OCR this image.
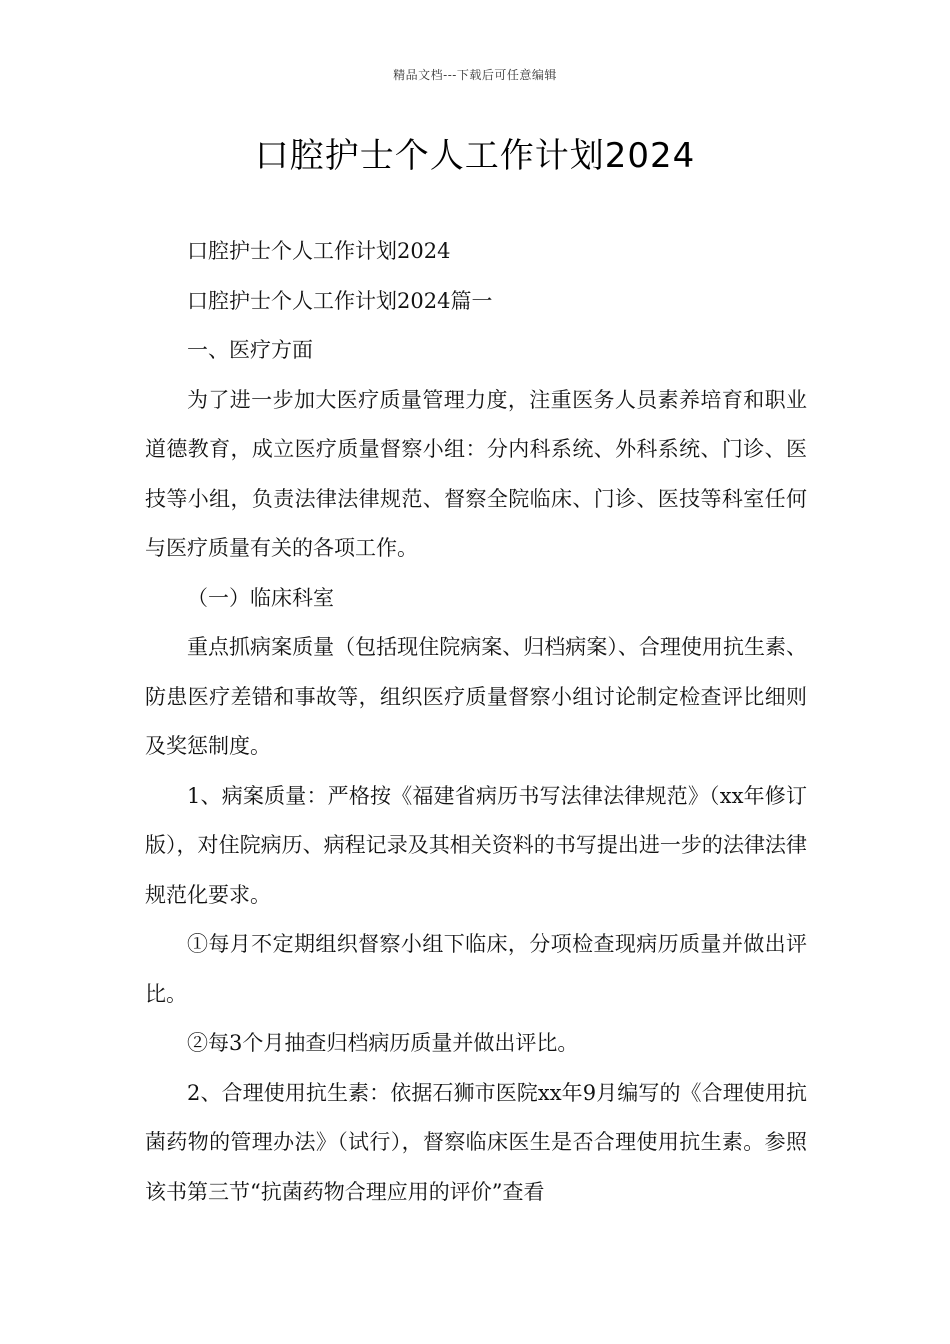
精品文档---下载后可任意编辑
口腔护士个人工作计划2024

口腔护士个人工作计划2024

口腔护士个人工作计划2024篇一

一、医疗方面

为了进一步加大医疗质量管理力度，注重医务人员素养培育和职业道德教育，成立医疗质量督察小组：分内科系统、外科系统、门诊、医技等小组，负责法律法律规范、督察全院临床、门诊、医技等科室任何与医疗质量有关的各项工作。

（一）临床科室

重点抓病案质量（包括现住院病案、归档病案）、合理使用抗生素、防患医疗差错和事故等，组织医疗质量督察小组讨论制定检查评比细则及奖惩制度。

1、病案质量：严格按《福建省病历书写法律法律规范》（xx年修订版），对住院病历、病程记录及其相关资料的书写提出进一步的法律法律规范化要求。

①每月不定期组织督察小组下临床，分项检查现病历质量并做出评比。

②每3个月抽查归档病历质量并做出评比。

2、合理使用抗生素：依据石狮市医院xx年9月编写的《合理使用抗菌药物的管理办法》（试行），督察临床医生是否合理使用抗生素。参照该书第三节“抗菌药物合理应用的评价”查看
